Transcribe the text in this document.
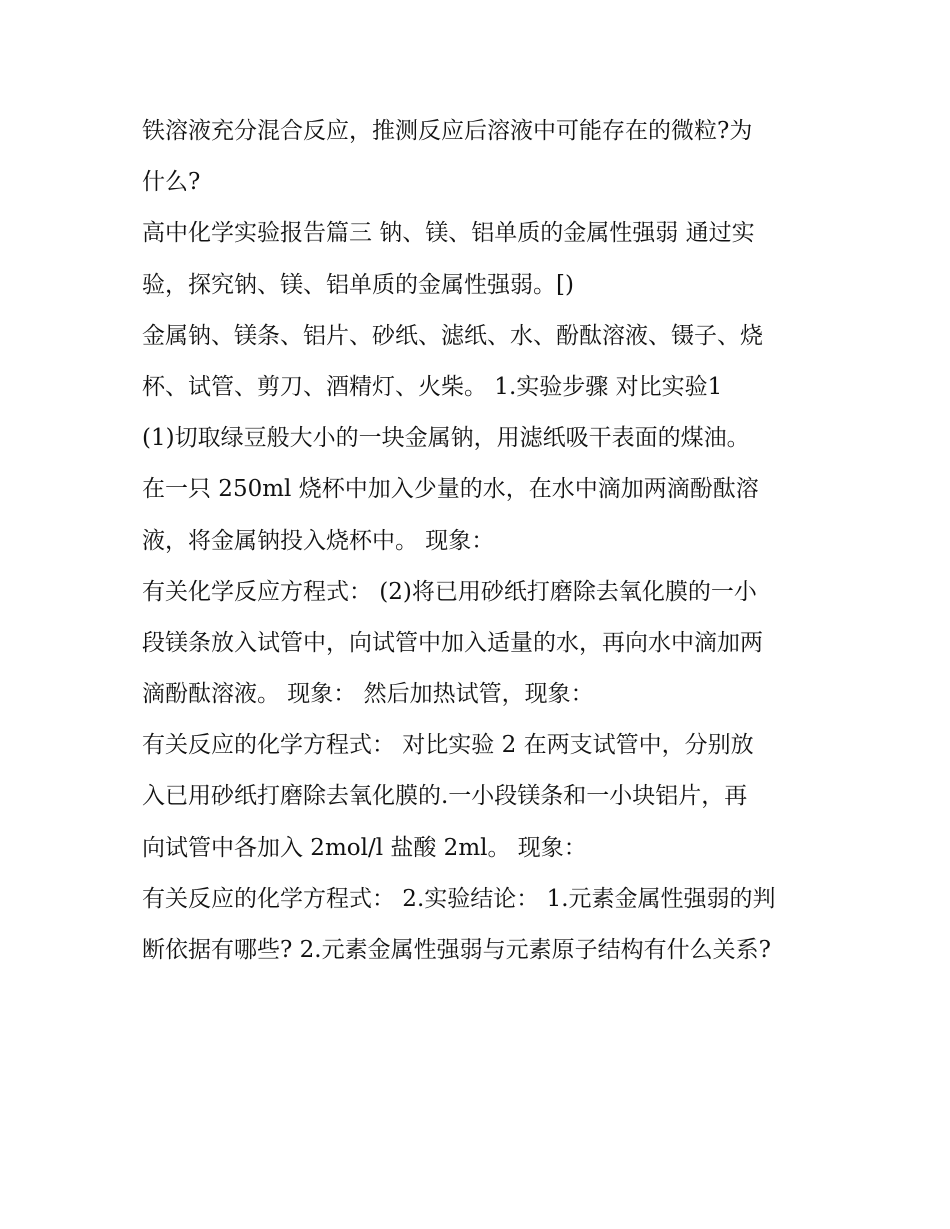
铁溶液充分混合反应，推测反应后溶液中可能存在的微粒?为
什么?
高中化学实验报告篇三 钠、镁、铝单质的金属性强弱 通过实
验，探究钠、镁、铝单质的金属性强弱。[)
金属钠、镁条、铝片、砂纸、滤纸、水、酚酞溶液、镊子、烧
杯、试管、剪刀、酒精灯、火柴。 1.实验步骤 对比实验1
(1)切取绿豆般大小的一块金属钠，用滤纸吸干表面的煤油。
在一只 250ml 烧杯中加入少量的水，在水中滴加两滴酚酞溶
液，将金属钠投入烧杯中。 现象：
有关化学反应方程式： (2)将已用砂纸打磨除去氧化膜的一小
段镁条放入试管中，向试管中加入适量的水，再向水中滴加两
滴酚酞溶液。 现象： 然后加热试管，现象：
有关反应的化学方程式： 对比实验 2 在两支试管中，分别放
入已用砂纸打磨除去氧化膜的.一小段镁条和一小块铝片，再
向试管中各加入 2mol/l 盐酸 2ml。 现象：
有关反应的化学方程式： 2.实验结论： 1.元素金属性强弱的判
断依据有哪些? 2.元素金属性强弱与元素原子结构有什么关系?
